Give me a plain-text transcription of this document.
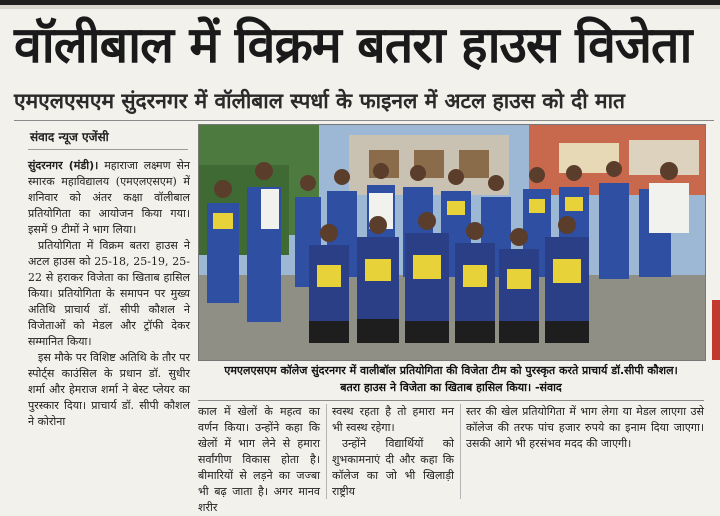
वॉलीबाल में विक्रम बतरा हाउस विजेता
एमएलएसएम सुंदरनगर में वॉलीबाल स्पर्धा के फाइनल में अटल हाउस को दी मात
संवाद न्यूज एजेंसी

सुंदरनगर (मंडी)। महाराजा लक्ष्मण सेन स्मारक महाविद्यालय (एमएलएसएम) में शनिवार को अंतर कक्षा वॉलीबाल प्रतियोगिता का आयोजन किया गया। इसमें 9 टीमों ने भाग लिया।

प्रतियोगिता में विक्रम बतरा हाउस ने अटल हाउस को 25-18, 25-19, 25-22 से हराकर विजेता का खिताब हासिल किया। प्रतियोगिता के समापन पर मुख्य अतिथि प्राचार्य डॉ. सीपी कौशल ने विजेताओं को मेडल और ट्रॉफी देकर सम्मानित किया।

इस मौके पर विशिष्ट अतिथि के तौर पर स्पोर्ट्स काउंसिल के प्रधान डॉ. सुधीर शर्मा और हेमराज शर्मा ने बेस्ट प्लेयर का पुरस्कार दिया। प्राचार्य डॉ. सीपी कौशल ने कोरोना

एमएलएसएम कॉलेज सुंदरनगर में वालीबॉल प्रतियोगिता की विजेता टीम को पुरस्कृत करते प्राचार्य डॉ.सीपी कौशल।
बतरा हाउस ने विजेता का खिताब हासिल किया। -संवाद

काल में खेलों के महत्व का वर्णन किया। उन्होंने कहा कि खेलों में भाग लेने से हमारा सर्वांगीण विकास होता है। बीमारियों से लड़ने का जज्बा भी बढ़ जाता है। अगर मानव शरीर

स्वस्थ रहता है तो हमारा मन भी स्वस्थ रहेगा।

उन्होंने विद्यार्थियों को शुभकामनाएं दी और कहा कि कॉलेज का जो भी खिलाड़ी राष्ट्रीय

स्तर की खेल प्रतियोगिता में भाग लेगा या मेडल लाएगा उसे कॉलेज की तरफ पांच हजार रुपये का इनाम दिया जाएगा। उसकी आगे भी हरसंभव मदद की जाएगी।
